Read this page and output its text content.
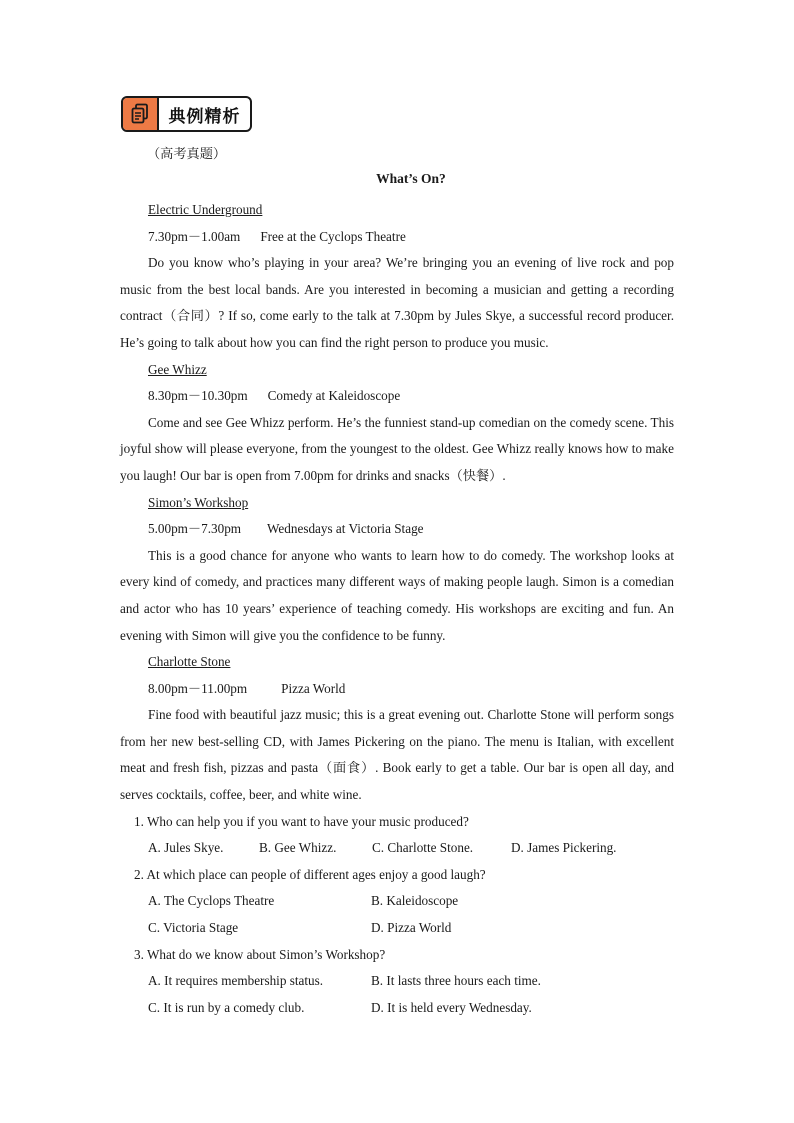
典例精析
（高考真题）
What’s On?
Electric Underground
7.30pm－1.00am Free at the Cyclops Theatre

Do you know who’s playing in your area? We’re bringing you an evening of live rock and pop music from the best local bands. Are you interested in becoming a musician and getting a recording contract（合同）? If so, come early to the talk at 7.30pm by Jules Skye, a successful record producer. He’s going to talk about how you can find the right person to produce you music.

Gee Whizz
8.30pm－10.30pm Comedy at Kaleidoscope

Come and see Gee Whizz perform. He’s the funniest stand-up comedian on the comedy scene. This joyful show will please everyone, from the youngest to the oldest. Gee Whizz really knows how to make you laugh! Our bar is open from 7.00pm for drinks and snacks（快餐）.

Simon’s Workshop
5.00pm－7.30pm Wednesdays at Victoria Stage

This is a good chance for anyone who wants to learn how to do comedy. The workshop looks at every kind of comedy, and practices many different ways of making people laugh. Simon is a comedian and actor who has 10 years’ experience of teaching comedy. His workshops are exciting and fun. An evening with Simon will give you the confidence to be funny.

Charlotte Stone
8.00pm－11.00pm	Pizza World

Fine food with beautiful jazz music; this is a great evening out. Charlotte Stone will perform songs from her new best-selling CD, with James Pickering on the piano. The menu is Italian, with excellent meat and fresh fish, pizzas and pasta（面食）. Book early to get a table. Our bar is open all day, and serves cocktails, coffee, beer, and white wine.

1. Who can help you if you want to have your music produced?
A. Jules Skye.	B. Gee Whizz.	C. Charlotte Stone.	D. James Pickering.
2. At which place can people of different ages enjoy a good laugh?
A. The Cyclops Theatre	B. Kaleidoscope
C. Victoria Stage	D. Pizza World
3. What do we know about Simon’s Workshop?
A. It requires membership status.	B. It lasts three hours each time.
C. It is run by a comedy club.	D. It is held every Wednesday.
